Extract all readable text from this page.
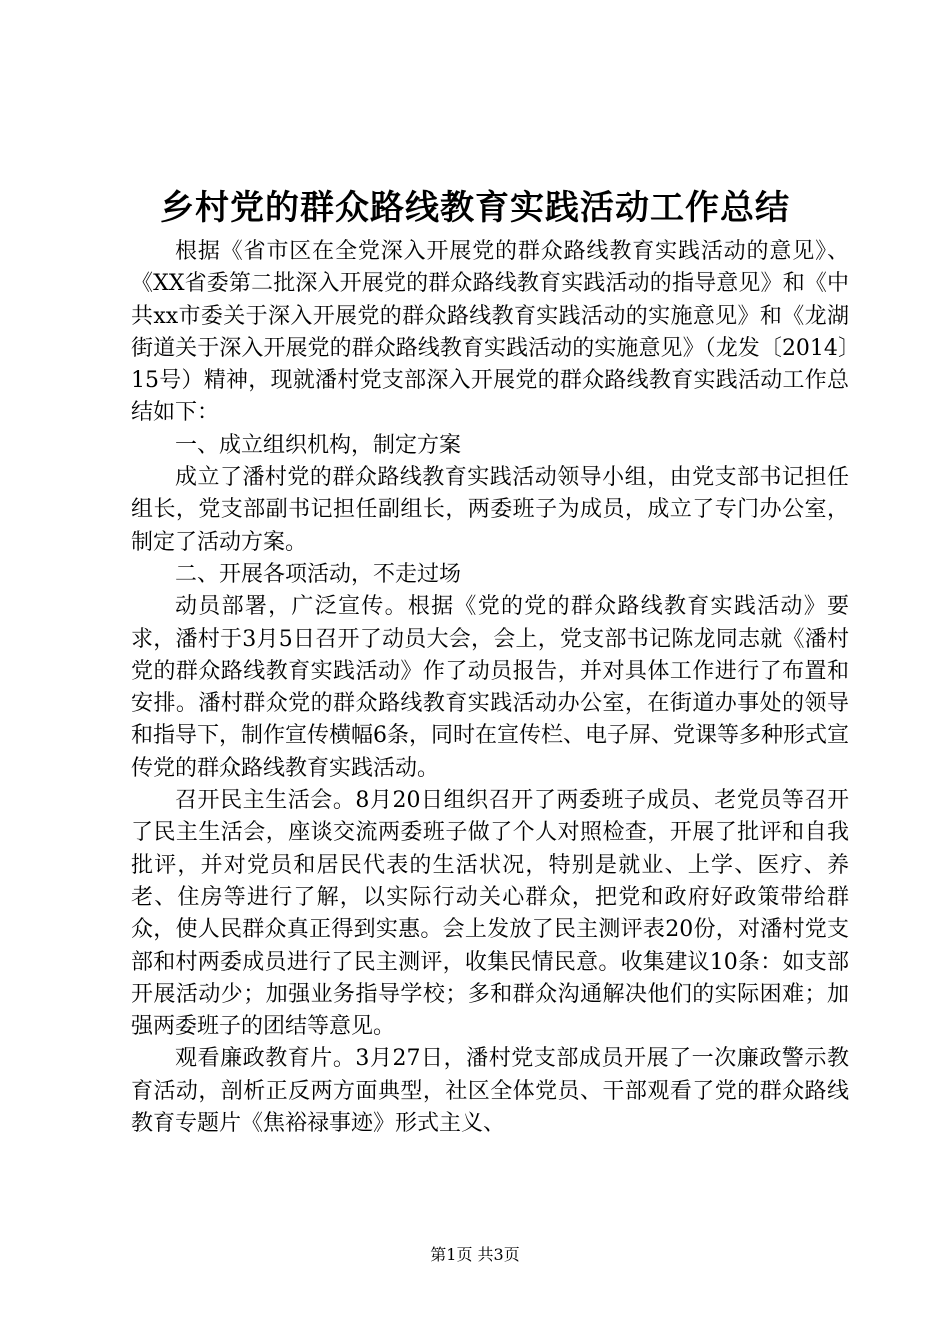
乡村党的群众路线教育实践活动工作总结

根据《省市区在全党深入开展党的群众路线教育实践活动的意见》、《XX省委第二批深入开展党的群众路线教育实践活动的指导意见》和《中共xx市委关于深入开展党的群众路线教育实践活动的实施意见》和《龙湖街道关于深入开展党的群众路线教育实践活动的实施意见》（龙发〔2014〕15号）精神，现就潘村党支部深入开展党的群众路线教育实践活动工作总结如下：

一、成立组织机构，制定方案

成立了潘村党的群众路线教育实践活动领导小组，由党支部书记担任组长，党支部副书记担任副组长，两委班子为成员，成立了专门办公室，制定了活动方案。

二、开展各项活动，不走过场

动员部署，广泛宣传。根据《党的党的群众路线教育实践活动》要求，潘村于3月5日召开了动员大会，会上，党支部书记陈龙同志就《潘村党的群众路线教育实践活动》作了动员报告，并对具体工作进行了布置和安排。潘村群众党的群众路线教育实践活动办公室，在街道办事处的领导和指导下，制作宣传横幅6条，同时在宣传栏、电子屏、党课等多种形式宣传党的群众路线教育实践活动。

召开民主生活会。8月20日组织召开了两委班子成员、老党员等召开了民主生活会，座谈交流两委班子做了个人对照检查，开展了批评和自我批评，并对党员和居民代表的生活状况，特别是就业、上学、医疗、养老、住房等进行了解，以实际行动关心群众，把党和政府好政策带给群众，使人民群众真正得到实惠。会上发放了民主测评表20份，对潘村党支部和村两委成员进行了民主测评，收集民情民意。收集建议10条：如支部开展活动少；加强业务指导学校；多和群众沟通解决他们的实际困难；加强两委班子的团结等意见。

观看廉政教育片。3月27日，潘村党支部成员开展了一次廉政警示教育活动，剖析正反两方面典型，社区全体党员、干部观看了党的群众路线教育专题片《焦裕禄事迹》形式主义、

第1页 共3页
